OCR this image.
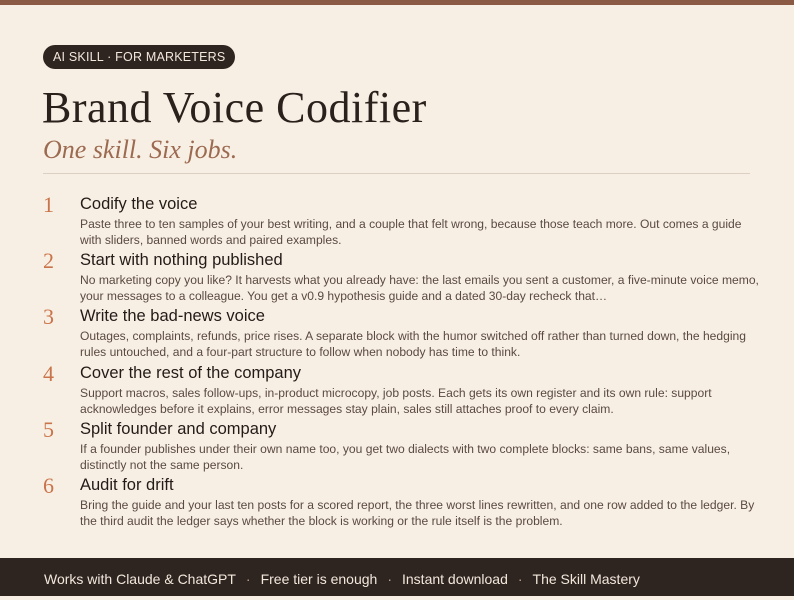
AI SKILL · FOR MARKETERS
Brand Voice Codifier
One skill. Six jobs.
1	Codify the voice

Paste three to ten samples of your best writing, and a couple that felt wrong, because those teach more. Out comes a guide with sliders, banned words and paired examples.

2	Start with nothing published

No marketing copy you like? It harvests what you already have: the last emails you sent a customer, a five-minute voice memo, your messages to a colleague. You get a v0.9 hypothesis guide and a dated 30-day recheck that…

3	Write the bad-news voice

Outages, complaints, refunds, price rises. A separate block with the humor switched off rather than turned down, the hedging rules untouched, and a four-part structure to follow when nobody has time to think.

4	Cover the rest of the company

Support macros, sales follow-ups, in-product microcopy, job posts. Each gets its own register and its own rule: support acknowledges before it explains, error messages stay plain, sales still attaches proof to every claim.

5	Split founder and company

If a founder publishes under their own name too, you get two dialects with two complete blocks: same bans, same values, distinctly not the same person.

6	Audit for drift

Bring the guide and your last ten posts for a scored report, the three worst lines rewritten, and one row added to the ledger. By the third audit the ledger says whether the block is working or the rule itself is the problem.

Works with Claude & ChatGPT · Free tier is enough · Instant download · The Skill Mastery
